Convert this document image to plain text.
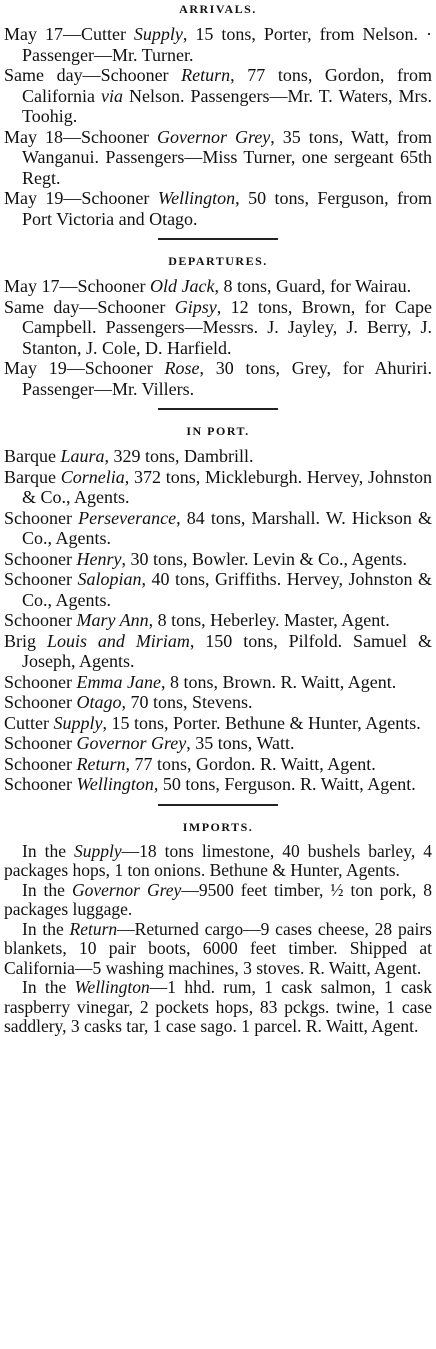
ARRIVALS.

May 17—Cutter Supply, 15 tons, Porter, from Nelson. · Passenger—Mr. Turner.

Same day—Schooner Return, 77 tons, Gordon, from California via Nelson. Passengers—Mr. T. Waters, Mrs. Toohig.

May 18—Schooner Governor Grey, 35 tons, Watt, from Wanganui. Passengers—Miss Turner, one sergeant 65th Regt.

May 19—Schooner Wellington, 50 tons, Ferguson, from Port Victoria and Otago.

DEPARTURES.

May 17—Schooner Old Jack, 8 tons, Guard, for Wairau.

Same day—Schooner Gipsy, 12 tons, Brown, for Cape Campbell. Passengers—Messrs. J. Jayley, J. Berry, J. Stanton, J. Cole, D. Harfield.

May 19—Schooner Rose, 30 tons, Grey, for Ahuriri. Passenger—Mr. Villers.

IN PORT.

Barque Laura, 329 tons, Dambrill.

Barque Cornelia, 372 tons, Mickleburgh. Hervey, Johnston & Co., Agents.

Schooner Perseverance, 84 tons, Marshall. W. Hickson & Co., Agents.

Schooner Henry, 30 tons, Bowler. Levin & Co., Agents.

Schooner Salopian, 40 tons, Griffiths. Hervey, Johnston & Co., Agents.

Schooner Mary Ann, 8 tons, Heberley. Master, Agent.

Brig Louis and Miriam, 150 tons, Pilfold. Samuel & Joseph, Agents.

Schooner Emma Jane, 8 tons, Brown. R. Waitt, Agent.

Schooner Otago, 70 tons, Stevens.

Cutter Supply, 15 tons, Porter. Bethune & Hunter, Agents.

Schooner Governor Grey, 35 tons, Watt.

Schooner Return, 77 tons, Gordon. R. Waitt, Agent.

Schooner Wellington, 50 tons, Ferguson. R. Waitt, Agent.

IMPORTS.

In the Supply—18 tons limestone, 40 bushels barley, 4 packages hops, 1 ton onions. Bethune & Hunter, Agents.

In the Governor Grey—9500 feet timber, ½ ton pork, 8 packages luggage.

In the Return—Returned cargo—9 cases cheese, 28 pairs blankets, 10 pair boots, 6000 feet timber. Shipped at California—5 washing machines, 3 stoves. R. Waitt, Agent.

In the Wellington—1 hhd. rum, 1 cask salmon, 1 cask raspberry vinegar, 2 pockets hops, 83 pckgs. twine, 1 case saddlery, 3 casks tar, 1 case sago. 1 parcel. R. Waitt, Agent.
